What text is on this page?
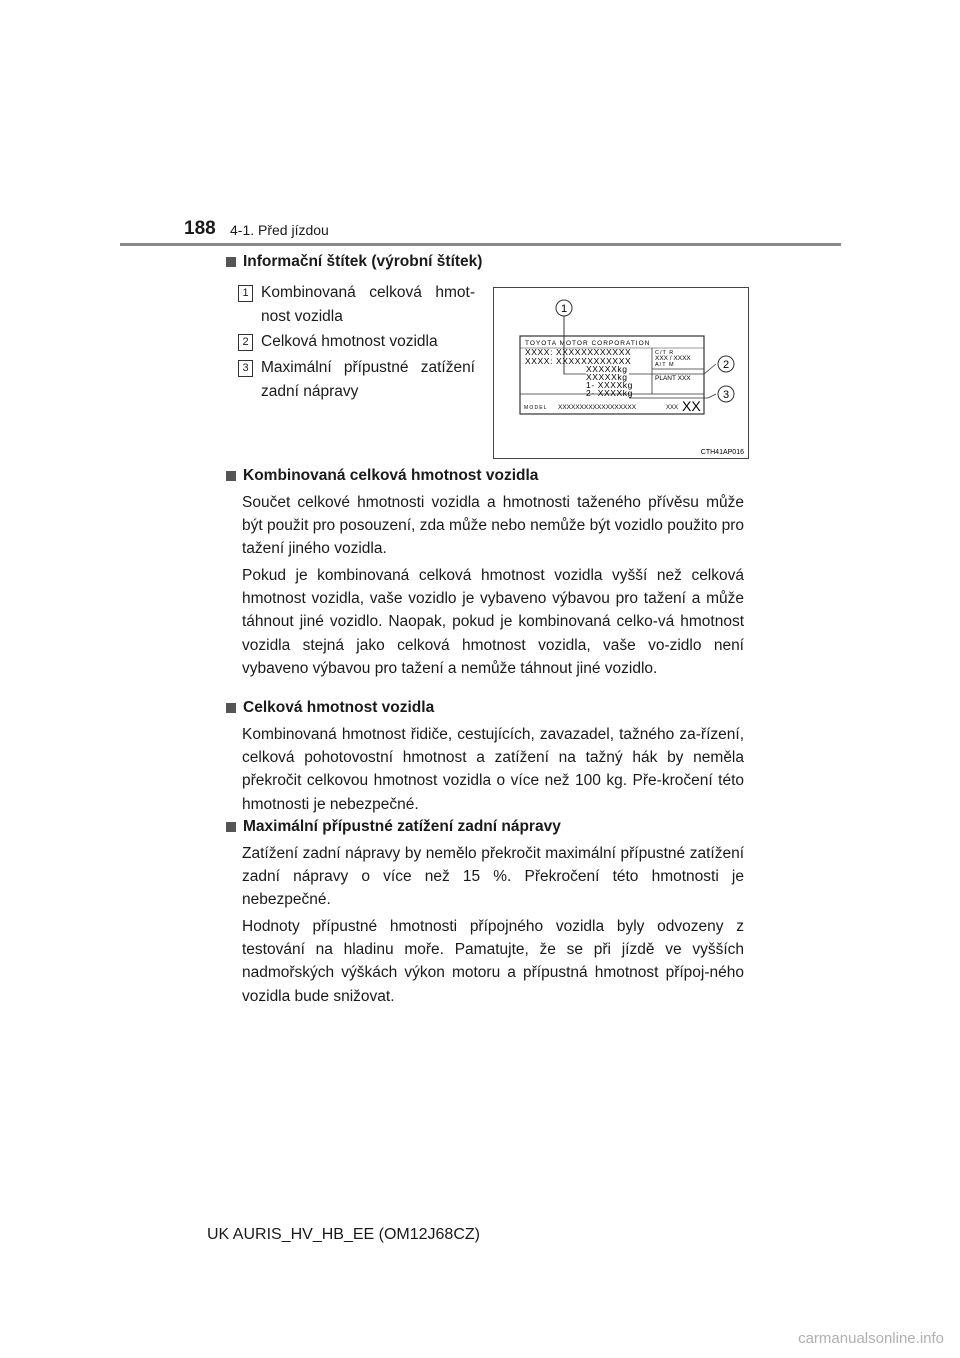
188 4-1. Před jízdou
Informační štítek (výrobní štítek)
1 Kombinovaná celková hmot-nost vozidla
2 Celková hmotnost vozidla
3 Maximální přípustné zatížení zadní nápravy
TOYOTA MOTOR CORPORATION
XXXX: XXXXXXXXXXXX
XXXX: XXXXXXXXXXXX
XXXXXkg
XXXXXkg
1- XXXXkg
2- XXXXkg
C/T R
XXX / XXXX
A/T M
PLANT XXX
MODEL XXXXXXXXXXXXXXXXXX	XXX XX
1
2
3
CTH41AP016
Kombinovaná celková hmotnost vozidla

Součet celkové hmotnosti vozidla a hmotnosti taženého přívěsu může být použit pro posouzení, zda může nebo nemůže být vozidlo použito pro tažení jiného vozidla.

Pokud je kombinovaná celková hmotnost vozidla vyšší než celková hmotnost vozidla, vaše vozidlo je vybaveno výbavou pro tažení a může táhnout jiné vozidlo. Naopak, pokud je kombinovaná celko-vá hmotnost vozidla stejná jako celková hmotnost vozidla, vaše vo-zidlo není vybaveno výbavou pro tažení a nemůže táhnout jiné vozidlo.

Celková hmotnost vozidla

Kombinovaná hmotnost řidiče, cestujících, zavazadel, tažného za-řízení, celková pohotovostní hmotnost a zatížení na tažný hák by neměla překročit celkovou hmotnost vozidla o více než 100 kg. Pře-kročení této hmotnosti je nebezpečné.

Maximální přípustné zatížení zadní nápravy

Zatížení zadní nápravy by nemělo překročit maximální přípustné zatížení zadní nápravy o více než 15 %. Překročení této hmotnosti je nebezpečné.

Hodnoty přípustné hmotnosti přípojného vozidla byly odvozeny z testování na hladinu moře. Pamatujte, že se při jízdě ve vyšších nadmořských výškách výkon motoru a přípustná hmotnost přípoj-ného vozidla bude snižovat.

UK AURIS_HV_HB_EE (OM12J68CZ)
carmanualsonline.info
